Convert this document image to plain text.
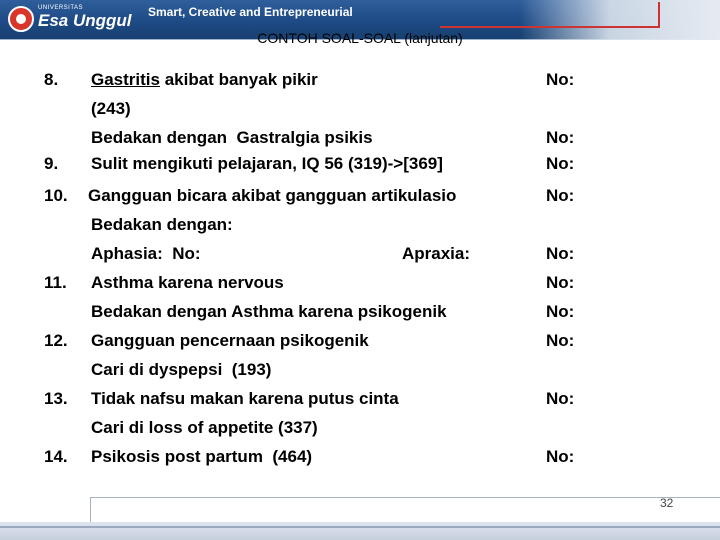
UNIVERSITAS
Esa Unggul Smart, Creative and Entrepreneurial
CONTOH SOAL-SOAL (lanjutan)
8. Gastritis akibat banyak pikir	No:
(243)
Bedakan dengan  Gastralgia psikis	No:
9. Sulit mengikuti pelajaran, IQ 56 (319)->[369]	No:
10. Gangguan bicara akibat gangguan artikulasio	No:
Bedakan dengan:
Aphasia:  No:	Apraxia:	No:
11. Asthma karena nervous	No:
Bedakan dengan Asthma karena psikogenik	No:
12. Gangguan pencernaan psikogenik	No:
Cari di dyspepsi  (193)
13. Tidak nafsu makan karena putus cinta	No:
Cari di loss of appetite (337)
14. Psikosis post partum  (464)	No:
32
